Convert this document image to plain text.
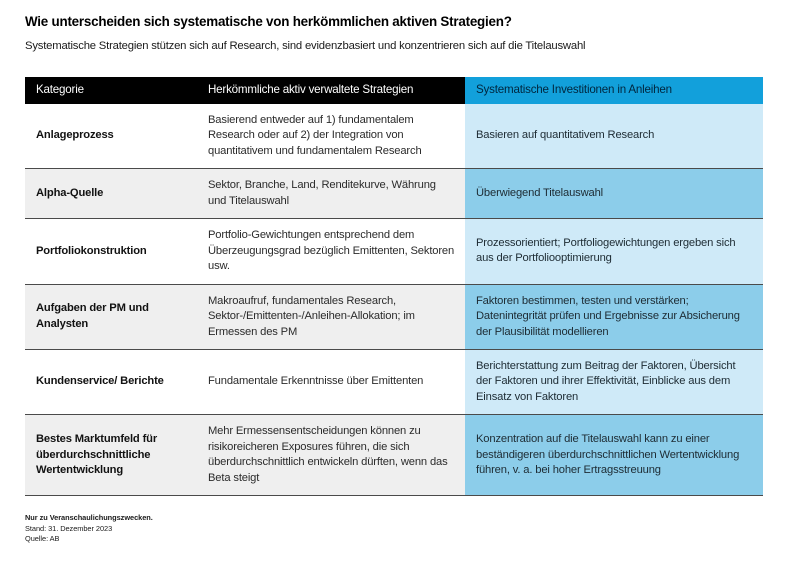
Wie unterscheiden sich systematische von herkömmlichen aktiven Strategien?

Systematische Strategien stützen sich auf Research, sind evidenzbasiert und konzentrieren sich auf die Titelauswahl

Kategorie	Herkömmliche aktiv verwaltete Strategien	Systematische Investitionen in Anleihen
Anlageprozess	Basierend entweder auf 1) fundamentalem Research oder auf 2) der Integration von quantitativem und fundamentalem Research	Basieren auf quantitativem Research
Alpha-Quelle	Sektor, Branche, Land, Renditekurve, Währung und Titelauswahl	Überwiegend Titelauswahl
Portfoliokonstruktion	Portfolio-Gewichtungen entsprechend dem Überzeugungsgrad bezüglich Emittenten, Sektoren usw.	Prozessorientiert; Portfoliogewichtungen ergeben sich aus der Portfoliooptimierung
Aufgaben der PM und Analysten	Makroaufruf, fundamentales Research, Sektor-/Emittenten-/Anleihen-Allokation; im Ermessen des PM	Faktoren bestimmen, testen und verstärken; Datenintegrität prüfen und Ergebnisse zur Absicherung der Plausibilität modellieren
Kundenservice/ Berichte	Fundamentale Erkenntnisse über Emittenten	Berichterstattung zum Beitrag der Faktoren, Übersicht der Faktoren und ihrer Effektivität, Einblicke aus dem Einsatz von Faktoren
Bestes Marktumfeld für überdurchschnittliche Wertentwicklung	Mehr Ermessensentscheidungen können zu risikoreicheren Exposures führen, die sich überdurchschnittlich entwickeln dürften, wenn das Beta steigt	Konzentration auf die Titelauswahl kann zu einer beständigeren überdurchschnittlichen Wertentwicklung führen, v. a. bei hoher Ertragsstreuung
Nur zu Veranschaulichungszwecken.
Stand: 31. Dezember 2023
Quelle: AB
